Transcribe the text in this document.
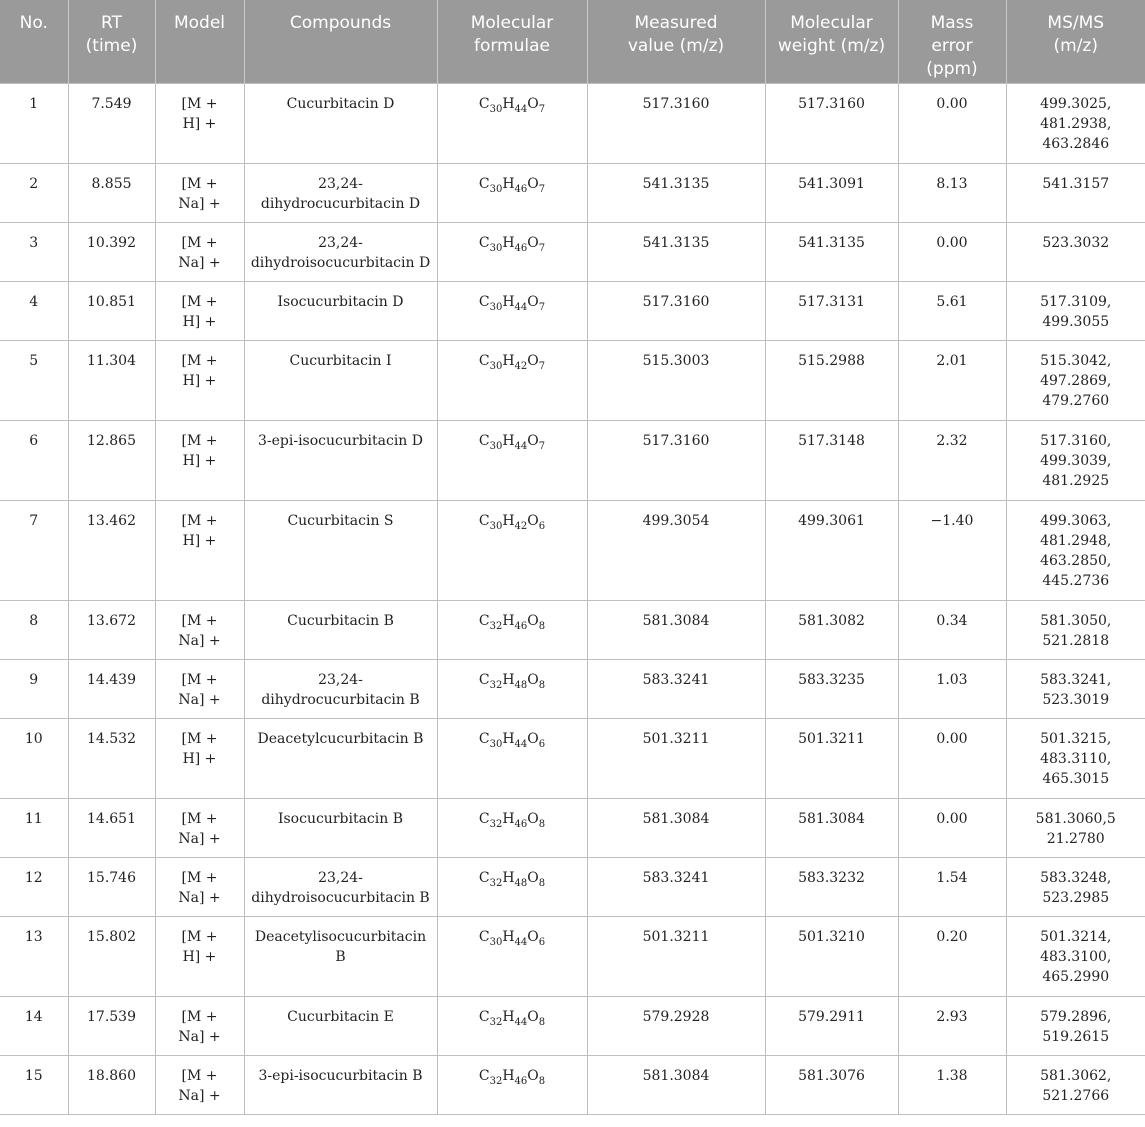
No.	RT
(time)	Model	Compounds	Molecular
formulae	Measured
value (m/z)	Molecular
weight (m/z)	Mass
error
(ppm)	MS/MS
(m/z)

1	7.549	[M +
H] +	Cucurbitacin D	$C_{30}H_{44}O_7$	517.3160	517.3160	0.00	499.3025,
481.2938,
463.2846

2	8.855	[M +
Na] +	23,24-
dihydrocucurbitacin D	$C_{30}H_{46}O_7$	541.3135	541.3091	8.13	541.3157

3	10.392	[M +
Na] +	23,24-
dihydroisocucurbitacin D	$C_{30}H_{46}O_7$	541.3135	541.3135	0.00	523.3032

4	10.851	[M +
H] +	Isocucurbitacin D	$C_{30}H_{44}O_7$	517.3160	517.3131	5.61	517.3109,
499.3055

5	11.304	[M +
H] +	Cucurbitacin I	$C_{30}H_{42}O_7$	515.3003	515.2988	2.01	515.3042,
497.2869,
479.2760

6	12.865	[M +
H] +	3-epi-isocucurbitacin D	$C_{30}H_{44}O_7$	517.3160	517.3148	2.32	517.3160,
499.3039,
481.2925

7	13.462	[M +
H] +	Cucurbitacin S	$C_{30}H_{42}O_6$	499.3054	499.3061	−1.40	499.3063,
481.2948,
463.2850,
445.2736

8	13.672	[M +
Na] +	Cucurbitacin B	$C_{32}H_{46}O_8$	581.3084	581.3082	0.34	581.3050,
521.2818

9	14.439	[M +
Na] +	23,24-
dihydrocucurbitacin B	$C_{32}H_{48}O_8$	583.3241	583.3235	1.03	583.3241,
523.3019

10	14.532	[M +
H] +	Deacetylcucurbitacin B	$C_{30}H_{44}O_6$	501.3211	501.3211	0.00	501.3215,
483.3110,
465.3015

11	14.651	[M +
Na] +	Isocucurbitacin B	$C_{32}H_{46}O_8$	581.3084	581.3084	0.00	581.3060,5
21.2780

12	15.746	[M +
Na] +	23,24-
dihydroisocucurbitacin B	$C_{32}H_{48}O_8$	583.3241	583.3232	1.54	583.3248,
523.2985

13	15.802	[M +
H] +	Deacetylisocucurbitacin B	$C_{30}H_{44}O_6$	501.3211	501.3210	0.20	501.3214,
483.3100,
465.2990

14	17.539	[M +
Na] +	Cucurbitacin E	$C_{32}H_{44}O_8$	579.2928	579.2911	2.93	579.2896,
519.2615

15	18.860	[M +
Na] +	3-epi-isocucurbitacin B	$C_{32}H_{46}O_8$	581.3084	581.3076	1.38	581.3062,
521.2766
